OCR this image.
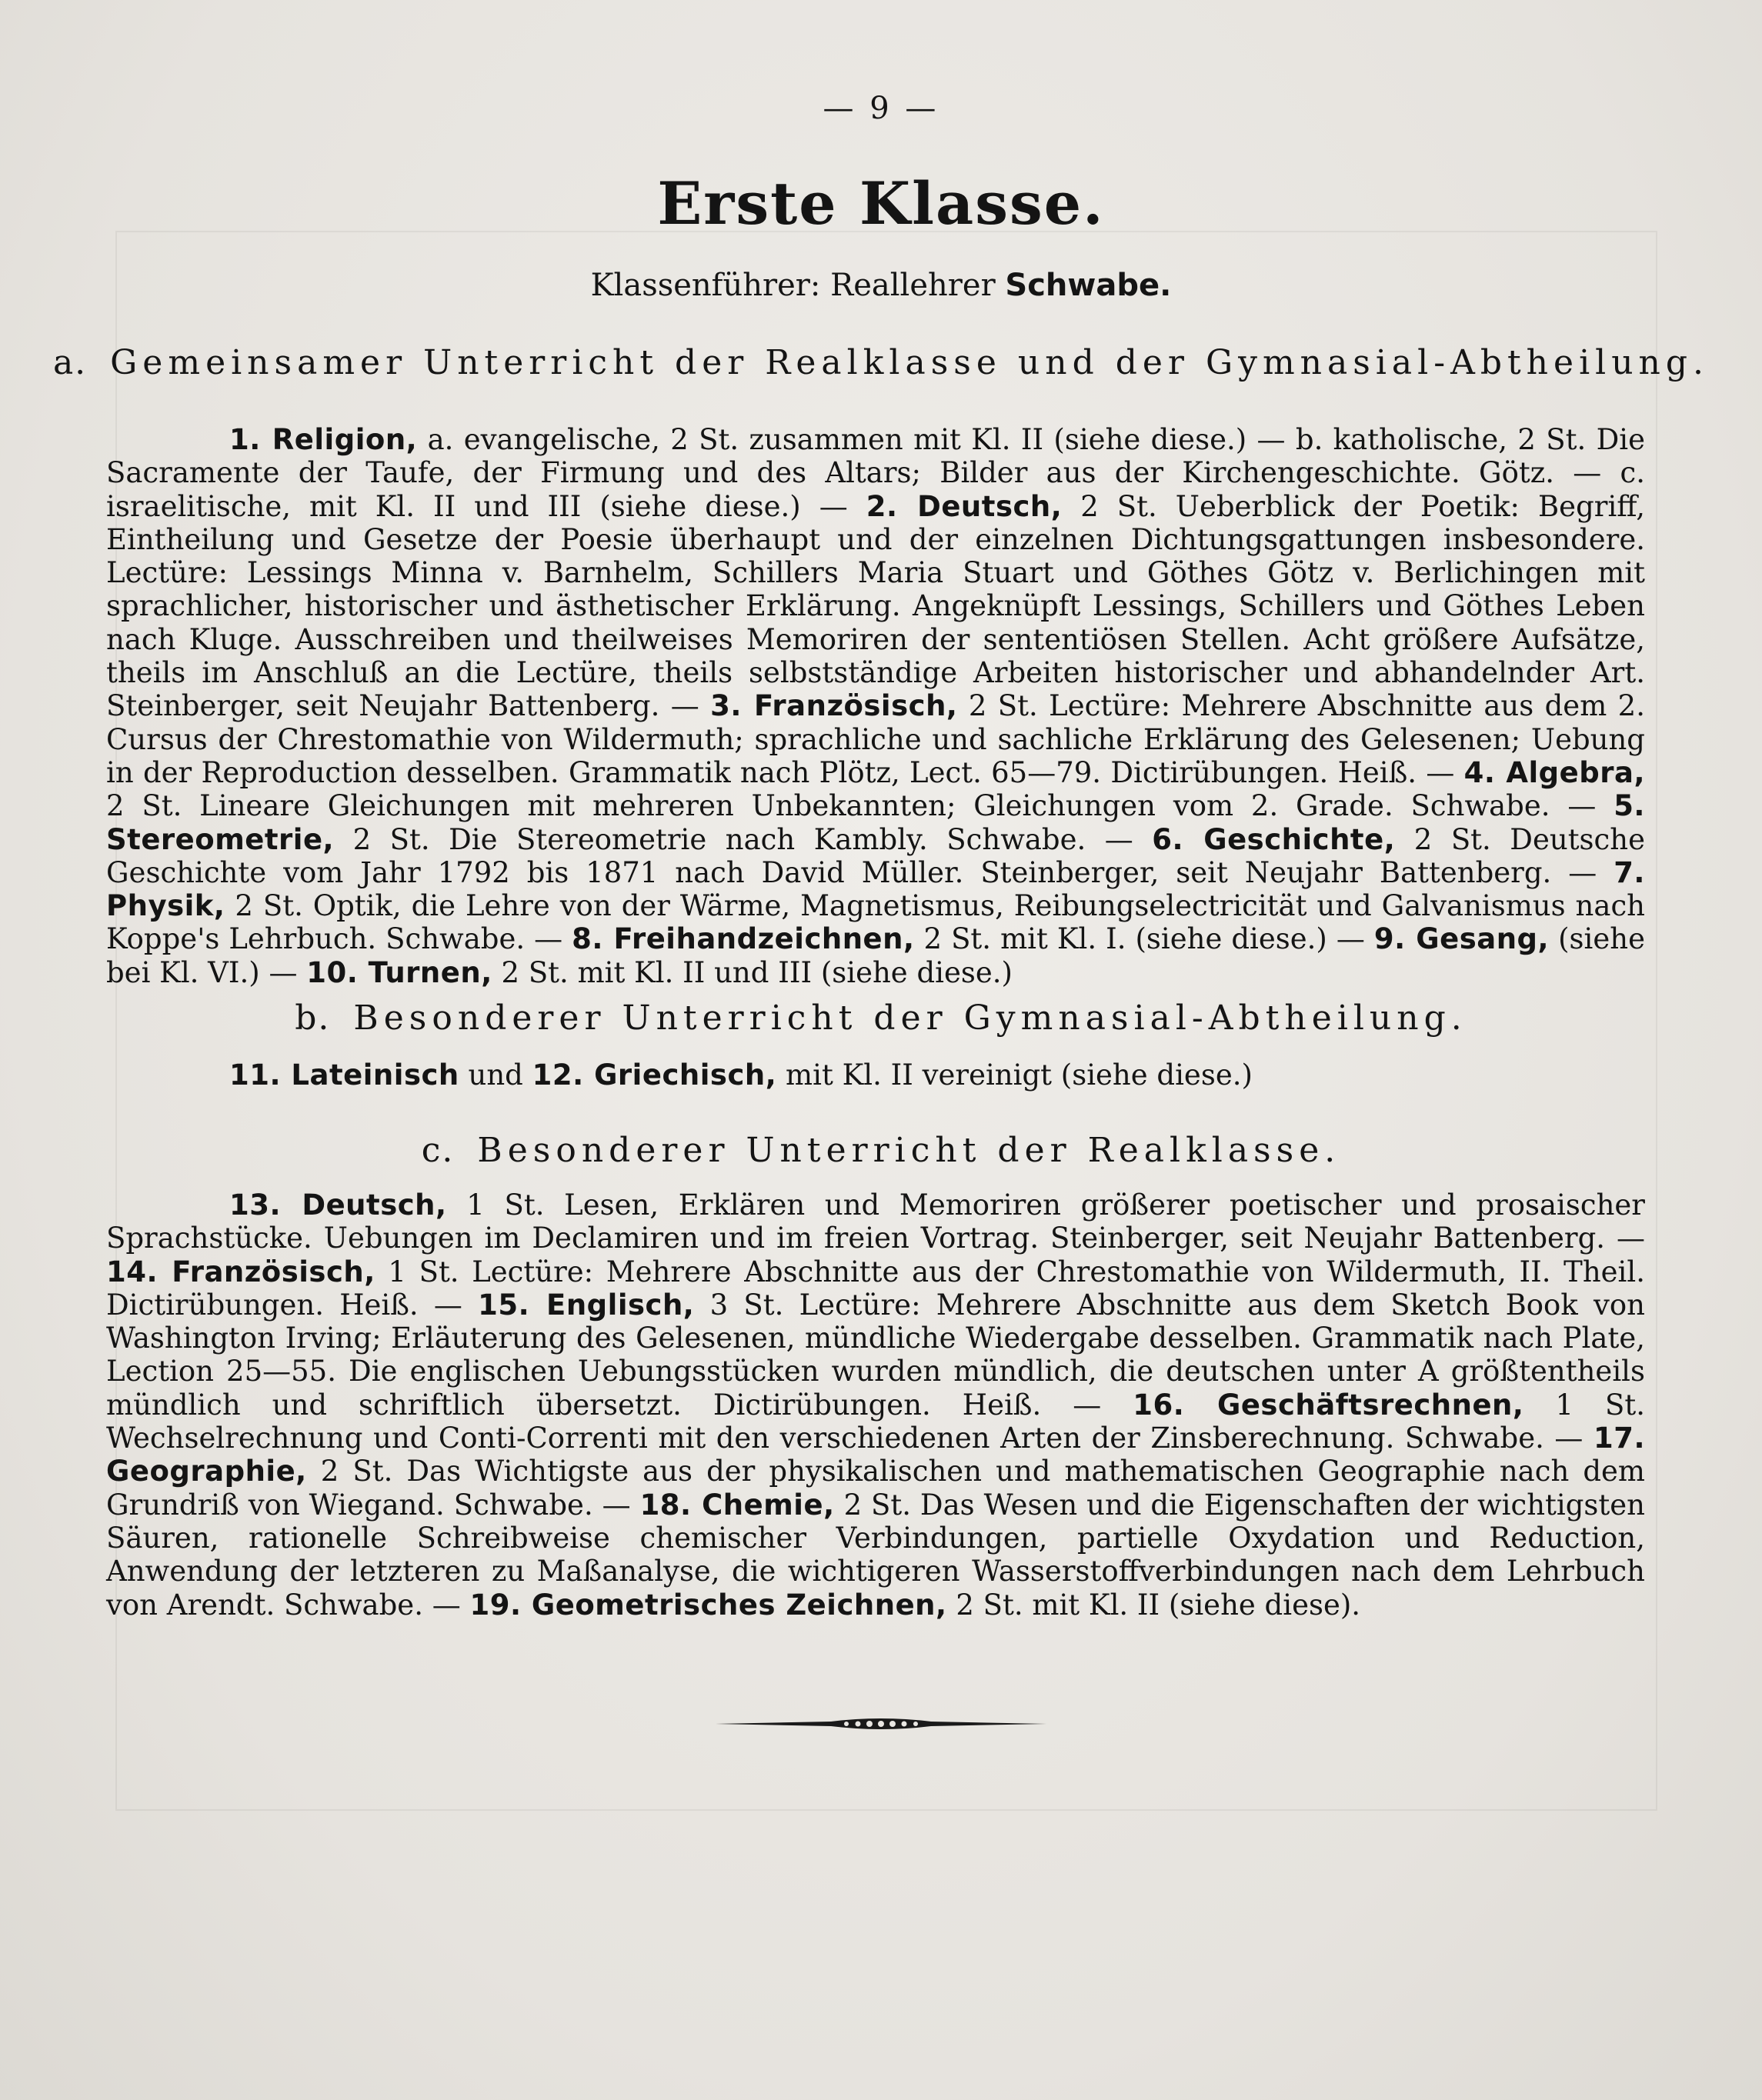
— 9 —
Erste Klasse.
Klassenführer: Reallehrer Schwabe.
a. Gemeinsamer Unterricht der Realklasse und der Gymnasial-Abtheilung.
1. Religion, a. evangelische, 2 St. zusammen mit Kl. II (siehe diese.) — b. katholische, 2 St. Die Sacramente der Taufe, der Firmung und des Altars; Bilder aus der Kirchengeschichte. Götz. — c. israelitische, mit Kl. II und III (siehe diese.) — 2. Deutsch, 2 St. Ueberblick der Poetik: Begriff, Eintheilung und Gesetze der Poesie überhaupt und der einzelnen Dichtungsgattungen insbesondere. Lectüre: Lessings Minna v. Barnhelm, Schillers Maria Stuart und Göthes Götz v. Berlichingen mit sprachlicher, historischer und ästhetischer Erklärung. Angeknüpft Lessings, Schillers und Göthes Leben nach Kluge. Ausschreiben und theilweises Memoriren der sententiösen Stellen. Acht größere Aufsätze, theils im Anschluß an die Lectüre, theils selbstständige Arbeiten historischer und abhandelnder Art. Steinberger, seit Neujahr Battenberg. — 3. Französisch, 2 St. Lectüre: Mehrere Abschnitte aus dem 2. Cursus der Chrestomathie von Wildermuth; sprachliche und sachliche Erklärung des Gelesenen; Uebung in der Reproduction desselben. Grammatik nach Plötz, Lect. 65—79. Dictirübungen. Heiß. — 4. Algebra, 2 St. Lineare Gleichungen mit mehreren Unbekannten; Gleichungen vom 2. Grade. Schwabe. — 5. Stereometrie, 2 St. Die Stereometrie nach Kambly. Schwabe. — 6. Geschichte, 2 St. Deutsche Geschichte vom Jahr 1792 bis 1871 nach David Müller. Steinberger, seit Neujahr Battenberg. — 7. Physik, 2 St. Optik, die Lehre von der Wärme, Magnetismus, Reibungselectricität und Galvanismus nach Koppe's Lehrbuch. Schwabe. — 8. Freihandzeichnen, 2 St. mit Kl. I. (siehe diese.) — 9. Gesang, (siehe bei Kl. VI.) — 10. Turnen, 2 St. mit Kl. II und III (siehe diese.)
b. Besonderer Unterricht der Gymnasial-Abtheilung.
11. Lateinisch und 12. Griechisch, mit Kl. II vereinigt (siehe diese.)
c. Besonderer Unterricht der Realklasse.
13. Deutsch, 1 St. Lesen, Erklären und Memoriren größerer poetischer und prosaischer Sprachstücke. Uebungen im Declamiren und im freien Vortrag. Steinberger, seit Neujahr Battenberg. — 14. Französisch, 1 St. Lectüre: Mehrere Abschnitte aus der Chrestomathie von Wildermuth, II. Theil. Dictirübungen. Heiß. — 15. Englisch, 3 St. Lectüre: Mehrere Abschnitte aus dem Sketch Book von Washington Irving; Erläuterung des Gelesenen, mündliche Wiedergabe desselben. Grammatik nach Plate, Lection 25—55. Die englischen Uebungsstücken wurden mündlich, die deutschen unter A größtentheils mündlich und schriftlich übersetzt. Dictirübungen. Heiß. — 16. Geschäftsrechnen, 1 St. Wechselrechnung und Conti-Correnti mit den verschiedenen Arten der Zinsberechnung. Schwabe. — 17. Geographie, 2 St. Das Wichtigste aus der physikalischen und mathematischen Geographie nach dem Grundriß von Wiegand. Schwabe. — 18. Chemie, 2 St. Das Wesen und die Eigenschaften der wichtigsten Säuren, rationelle Schreibweise chemischer Verbindungen, partielle Oxydation und Reduction, Anwendung der letzteren zu Maßanalyse, die wichtigeren Wasserstoffverbindungen nach dem Lehrbuch von Arendt. Schwabe. — 19. Geometrisches Zeichnen, 2 St. mit Kl. II (siehe diese).
